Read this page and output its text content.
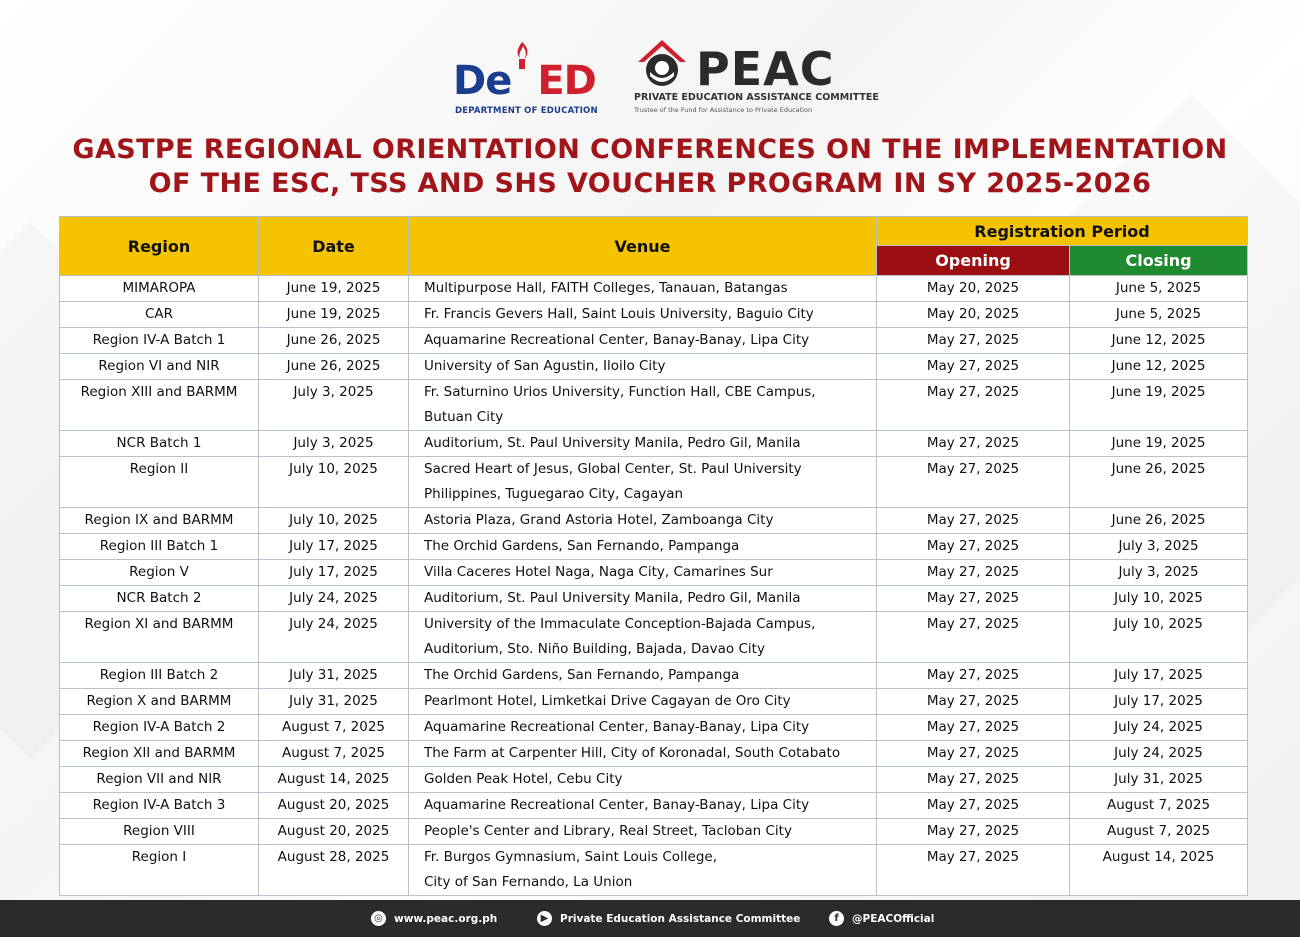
De ED
DEPARTMENT OF EDUCATION
PEAC
PRIVATE EDUCATION ASSISTANCE COMMITTEE
Trustee of the Fund for Assistance to Private Education
GASTPE REGIONAL ORIENTATION CONFERENCES ON THE IMPLEMENTATION
OF THE ESC, TSS AND SHS VOUCHER PROGRAM IN SY 2025-2026
Region	Date	Venue	Registration Period	
			Opening	Closing
MIMAROPA	June 19, 2025	Multipurpose Hall, FAITH Colleges, Tanauan, Batangas	May 20, 2025	June 5, 2025
CAR	June 19, 2025	Fr. Francis Gevers Hall, Saint Louis University, Baguio City	May 20, 2025	June 5, 2025
Region IV-A Batch 1	June 26, 2025	Aquamarine Recreational Center, Banay-Banay, Lipa City	May 27, 2025	June 12, 2025
Region VI and NIR	June 26, 2025	University of San Agustin, Iloilo City	May 27, 2025	June 12, 2025
Region XIII and BARMM	July 3, 2025	Fr. Saturnino Urios University, Function Hall, CBE Campus,
Butuan City	May 27, 2025	June 19, 2025
NCR Batch 1	July 3, 2025	Auditorium, St. Paul University Manila, Pedro Gil, Manila	May 27, 2025	June 19, 2025
Region II	July 10, 2025	Sacred Heart of Jesus, Global Center, St. Paul University
Philippines, Tuguegarao City, Cagayan	May 27, 2025	June 26, 2025
Region IX and BARMM	July 10, 2025	Astoria Plaza, Grand Astoria Hotel, Zamboanga City	May 27, 2025	June 26, 2025
Region III Batch 1	July 17, 2025	The Orchid Gardens, San Fernando, Pampanga	May 27, 2025	July 3, 2025
Region V	July 17, 2025	Villa Caceres Hotel Naga, Naga City, Camarines Sur	May 27, 2025	July 3, 2025
NCR Batch 2	July 24, 2025	Auditorium, St. Paul University Manila, Pedro Gil, Manila	May 27, 2025	July 10, 2025
Region XI and BARMM	July 24, 2025	University of the Immaculate Conception-Bajada Campus,
Auditorium, Sto. Niño Building, Bajada, Davao City	May 27, 2025	July 10, 2025
Region III Batch 2	July 31, 2025	The Orchid Gardens, San Fernando, Pampanga	May 27, 2025	July 17, 2025
Region X and BARMM	July 31, 2025	Pearlmont Hotel, Limketkai Drive Cagayan de Oro City	May 27, 2025	July 17, 2025
Region IV-A Batch 2	August 7, 2025	Aquamarine Recreational Center, Banay-Banay, Lipa City	May 27, 2025	July 24, 2025
Region XII and BARMM	August 7, 2025	The Farm at Carpenter Hill, City of Koronadal, South Cotabato	May 27, 2025	July 24, 2025
Region VII and NIR	August 14, 2025	Golden Peak Hotel, Cebu City	May 27, 2025	July 31, 2025
Region IV-A Batch 3	August 20, 2025	Aquamarine Recreational Center, Banay-Banay, Lipa City	May 27, 2025	August 7, 2025
Region VIII	August 20, 2025	People's Center and Library, Real Street, Tacloban City	May 27, 2025	August 7, 2025
Region I	August 28, 2025	Fr. Burgos Gymnasium, Saint Louis College,
City of San Fernando, La Union	May 27, 2025	August 14, 2025
◎ www.peac.org.ph	▶	Private Education Assistance Committee	f	@PEACOfficial
